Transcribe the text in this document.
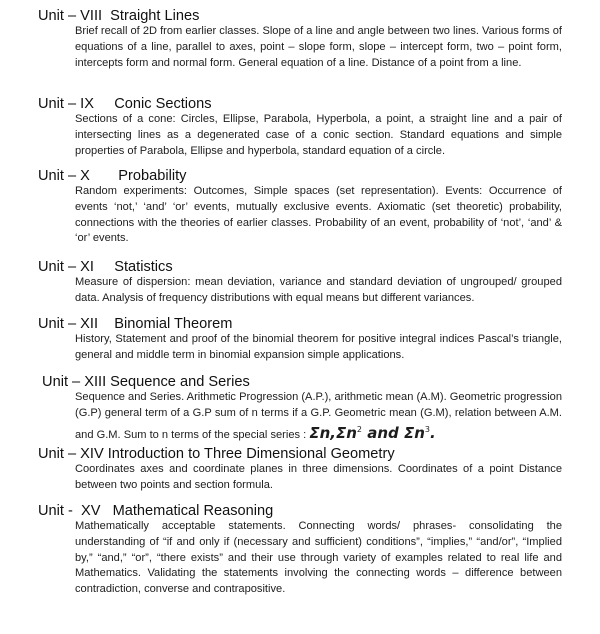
Unit – VIII  Straight Lines
Brief recall of 2D from earlier classes. Slope of a line and angle between two lines. Various forms of equations of a line, parallel to axes, point – slope form, slope – intercept form, two – point form, intercepts form and normal form. General equation of a line. Distance of a point from a line.
Unit – IX     Conic Sections
Sections of a cone: Circles, Ellipse, Parabola, Hyperbola, a point, a straight line and a pair of intersecting lines as a degenerated case of a conic section. Standard equations and simple properties of Parabola, Ellipse and hyperbola, standard equation of a circle.
Unit – X       Probability
Random experiments: Outcomes, Simple spaces (set representation). Events: Occurrence of events ‘not,’ ‘and’ ‘or’ events, mutually exclusive events. Axiomatic (set theoretic) probability, connections with the theories of earlier classes. Probability of an event, probability of ‘not’, ‘and’ & ‘or’ events.
Unit – XI     Statistics
Measure of dispersion: mean deviation, variance and standard deviation of ungrouped/ grouped data. Analysis of frequency distributions with equal means but different variances.
Unit – XII    Binomial Theorem
History, Statement and proof of the binomial theorem for positive integral indices Pascal’s triangle, general and middle term in binomial expansion simple applications.
Unit – XIII Sequence and Series
Sequence and Series. Arithmetic Progression (A.P.), arithmetic mean (A.M). Geometric progression (G.P) general term of a G.P sum of n terms if a G.P. Geometric mean (G.M), relation between A.M. and G.M. Sum to n terms of the special series : $\Sigma n,\Sigma n^2$ and $\Sigma n^3$.
Unit – XIV Introduction to Three Dimensional Geometry
Coordinates axes and coordinate planes in three dimensions. Coordinates of a point Distance between two points and section formula.
Unit -  XV   Mathematical Reasoning
Mathematically acceptable statements. Connecting words/ phrases- consolidating the understanding of “if and only if (necessary and sufficient) conditions”, “implies,” “and/or”, “Implied by,” “and,” “or”, “there exists” and their use through variety of examples related to real life and Mathematics. Validating the statements involving the connecting words – difference between contradiction, converse and contrapositive.
